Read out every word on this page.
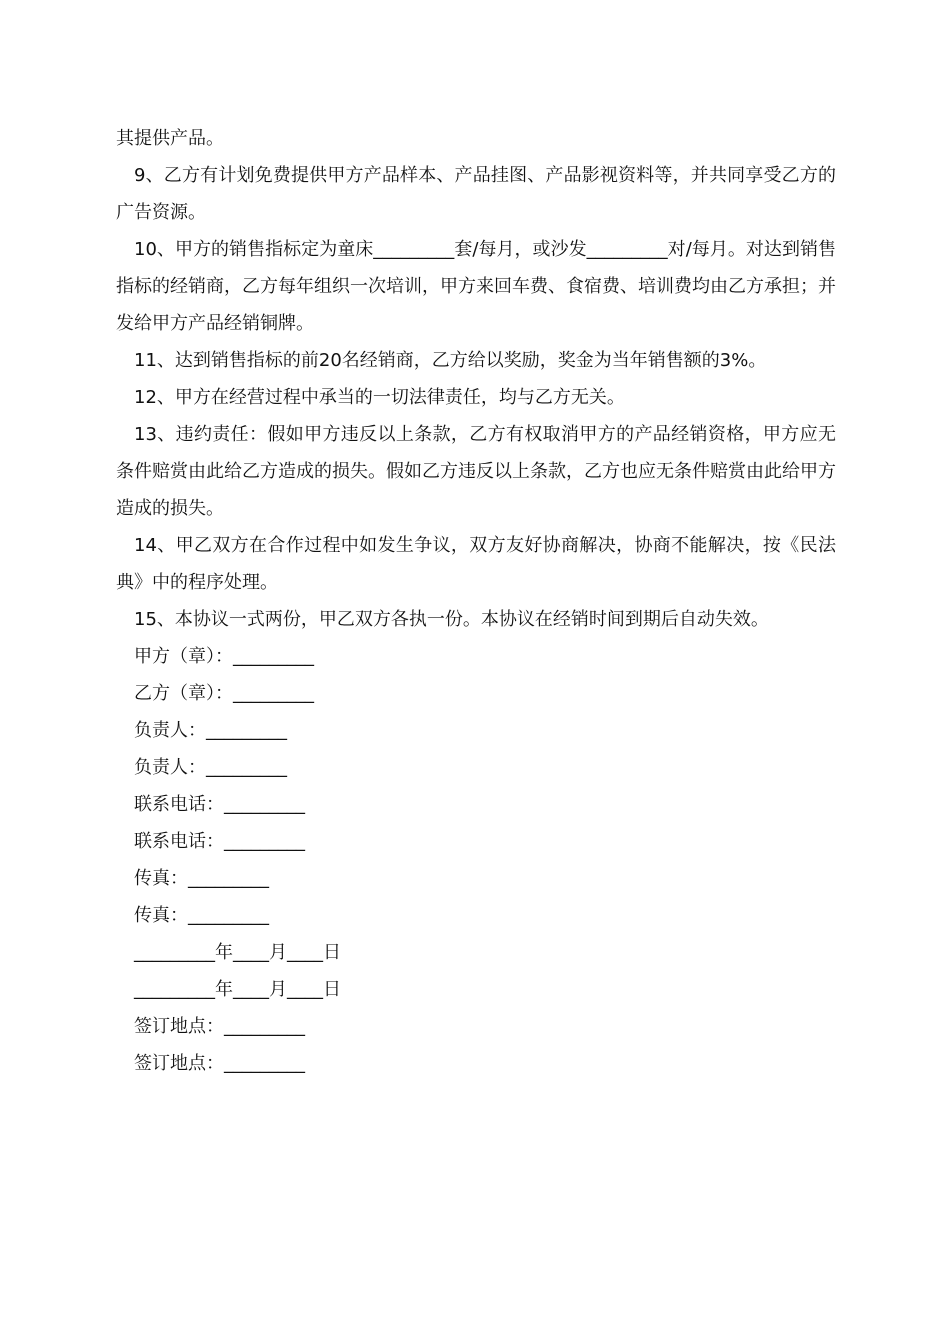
其提供产品。

9、乙方有计划免费提供甲方产品样本、产品挂图、产品影视资料等，并共同享受乙方的广告资源。

10、甲方的销售指标定为童床_________套/每月，或沙发_________对/每月。对达到销售指标的经销商，乙方每年组织一次培训，甲方来回车费、食宿费、培训费均由乙方承担；并发给甲方产品经销铜牌。

11、达到销售指标的前20名经销商，乙方给以奖励，奖金为当年销售额的3%。

12、甲方在经营过程中承当的一切法律责任，均与乙方无关。

13、违约责任：假如甲方违反以上条款，乙方有权取消甲方的产品经销资格，甲方应无条件赔赏由此给乙方造成的损失。假如乙方违反以上条款，乙方也应无条件赔赏由此给甲方造成的损失。

14、甲乙双方在合作过程中如发生争议，双方友好协商解决，协商不能解决，按《民法典》中的程序处理。

15、本协议一式两份，甲乙双方各执一份。本协议在经销时间到期后自动失效。

甲方（章）：_________

乙方（章）：_________

负责人：_________

负责人：_________

联系电话：_________

联系电话：_________

传真：_________

传真：_________

_________年____月____日

_________年____月____日

签订地点：_________

签订地点：_________
